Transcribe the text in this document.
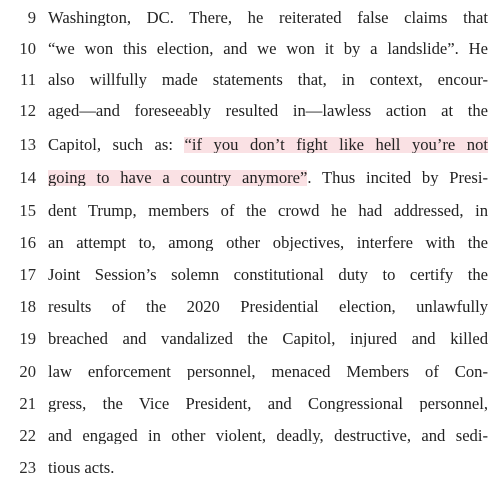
9 Washington, DC. There, he reiterated false claims that
10 “we won this election, and we won it by a landslide”. He
11 also willfully made statements that, in context, encour-
12 aged—and foreseeably resulted in—lawless action at the
13 Capitol, such as: “if you don’t fight like hell you’re not
14 going to have a country anymore”. Thus incited by Presi-
15 dent Trump, members of the crowd he had addressed, in
16 an attempt to, among other objectives, interfere with the
17 Joint Session’s solemn constitutional duty to certify the
18 results of the 2020 Presidential election, unlawfully
19 breached and vandalized the Capitol, injured and killed
20 law enforcement personnel, menaced Members of Con-
21 gress, the Vice President, and Congressional personnel,
22 and engaged in other violent, deadly, destructive, and sedi-
23 tious acts.
